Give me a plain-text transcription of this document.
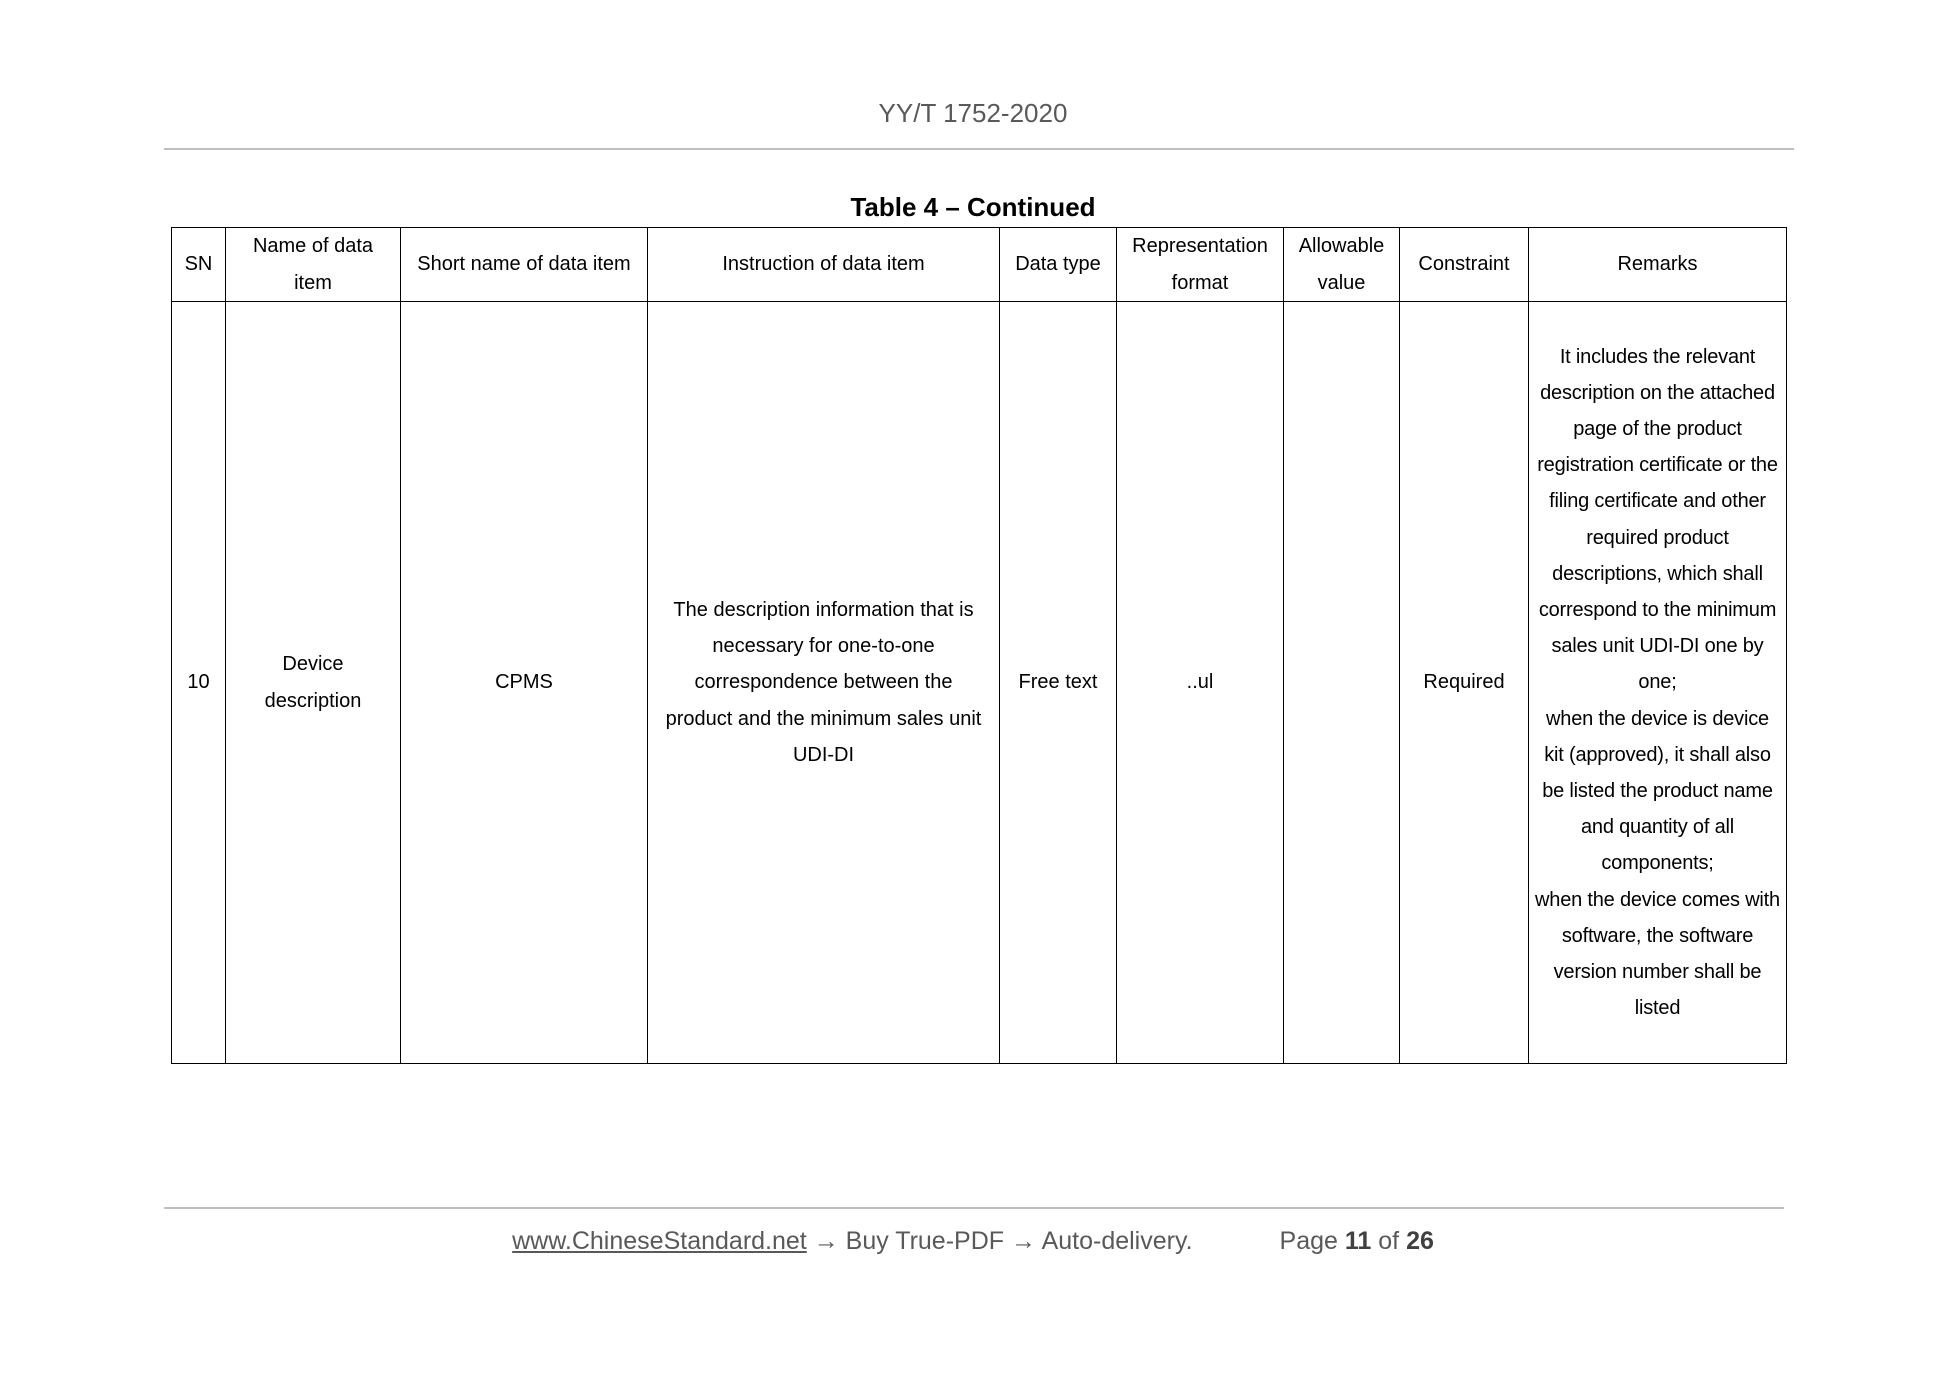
YY/T 1752-2020
Table 4 – Continued
SN	Name of data item	Short name of data item	Instruction of data item	Data type	Representation format	Allowable value	Constraint	Remarks
10	Device description	CPMS	The description information that is necessary for one-to-one correspondence between the product and the minimum sales unit UDI-DI	Free text	..ul		Required	It includes the relevant description on the attached page of the product registration certificate or the filing certificate and other required product descriptions, which shall correspond to the minimum sales unit UDI-DI one by one;
when the device is device kit (approved), it shall also be listed the product name and quantity of all components;
when the device comes with software, the software version number shall be listed
www.ChineseStandard.net → Buy True-PDF → Auto-delivery.	Page 11 of 26
